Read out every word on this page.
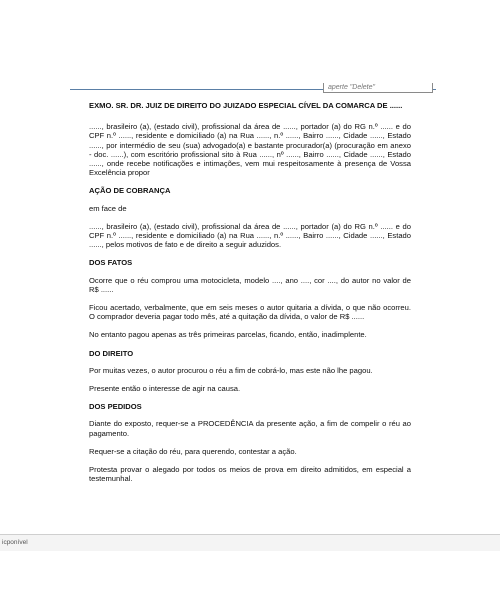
aperte "Delete"

EXMO. SR. DR. JUIZ DE DIREITO DO JUIZADO ESPECIAL CÍVEL DA COMARCA DE ......

......, brasileiro (a), (estado civil), profissional da área de ......, portador (a) do RG n.º ...... e do CPF n.º ......, residente e domiciliado (a) na Rua ......, n.º ......, Bairro ......, Cidade ......, Estado ......, por intermédio de seu (sua) advogado(a) e bastante procurador(a) (procuração em anexo - doc. ......), com escritório profissional sito à Rua ......, nº ......, Bairro ......, Cidade ......, Estado ......, onde recebe notificações e intimações, vem mui respeitosamente à presença de Vossa Excelência propor

AÇÃO DE COBRANÇA

em face de

......, brasileiro (a), (estado civil), profissional da área de ......, portador (a) do RG n.º ...... e do CPF n.º ......, residente e domiciliado (a) na Rua ......, n.º ......, Bairro ......, Cidade ......, Estado ......, pelos motivos de fato e de direito a seguir aduzidos.

DOS FATOS

Ocorre que o réu comprou uma motocicleta, modelo ...., ano ...., cor ...., do autor no valor de R$ ......

Ficou acertado, verbalmente, que em seis meses o autor quitaria a dívida, o que não ocorreu. O comprador deveria pagar todo mês, até a quitação da dívida, o valor de R$ ......

No entanto pagou apenas as três primeiras parcelas, ficando, então, inadimplente.

DO DIREITO

Por muitas vezes, o autor procurou o réu a fim de cobrá-lo, mas este não lhe pagou.

Presente então o interesse de agir na causa.

DOS PEDIDOS

Diante do exposto, requer-se a PROCEDÊNCIA da presente ação, a fim de compelir o réu ao pagamento.

Requer-se a citação do réu, para querendo, contestar a ação.

Protesta provar o alegado por todos os meios de prova em direito admitidos, em especial a testemunhal.

icponível
